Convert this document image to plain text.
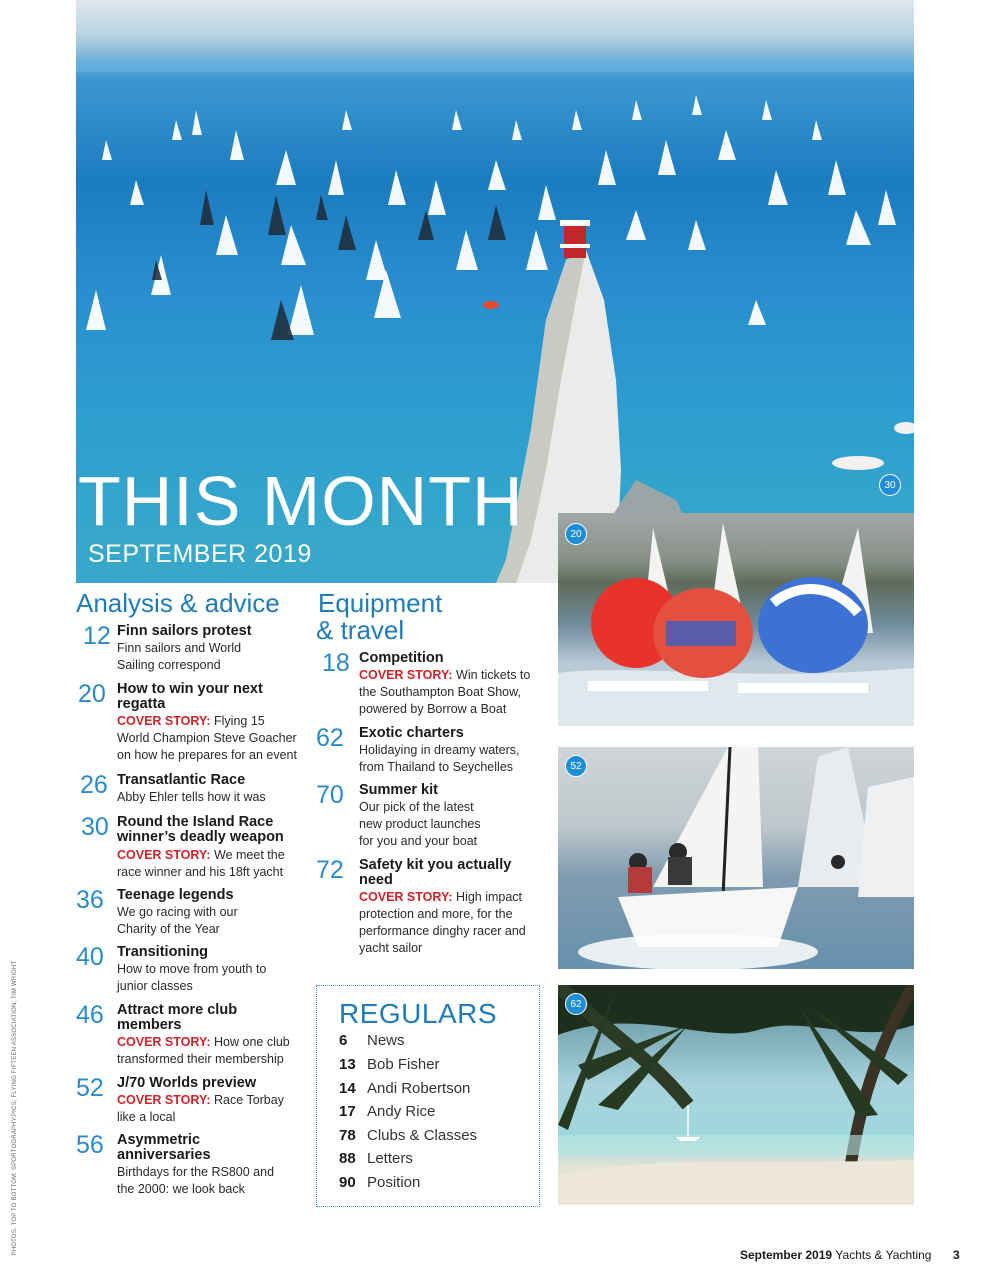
THIS MONTH
SEPTEMBER 2019
30
20
52
62
Analysis & advice
12 Finn sailors protest
Finn sailors and World Sailing correspond
20 How to win your next regatta
COVER STORY: Flying 15 World Champion Steve Goacher on how he prepares for an event
26 Transatlantic Race
Abby Ehler tells how it was
30 Round the Island Race winner’s deadly weapon
COVER STORY: We meet the race winner and his 18ft yacht
36 Teenage legends
We go racing with our Charity of the Year
40 Transitioning
How to move from youth to junior classes
46 Attract more club members
COVER STORY: How one club transformed their membership
52 J/70 Worlds preview
COVER STORY: Race Torbay like a local
56 Asymmetric anniversaries
Birthdays for the RS800 and the 2000: we look back
Equipment
& travel
18 Competition
COVER STORY: Win tickets to the Southampton Boat Show, powered by Borrow a Boat
62 Exotic charters
Holidaying in dreamy waters, from Thailand to Seychelles
70 Summer kit
Our pick of the latest new product launches for you and your boat
72 Safety kit you actually need
COVER STORY: High impact protection and more, for the performance dinghy racer and yacht sailor
REGULARS
6 News
13 Bob Fisher
14 Andi Robertson
17 Andy Rice
78 Clubs & Classes
88 Letters
90 Position
PHOTOS: TOP TO BOTTOM: SPORTOGRAPHY.PICS; FLYING FIFTEEN ASSOCIATION; TIM WRIGHT	September 2019 Yachts & Yachting 3
